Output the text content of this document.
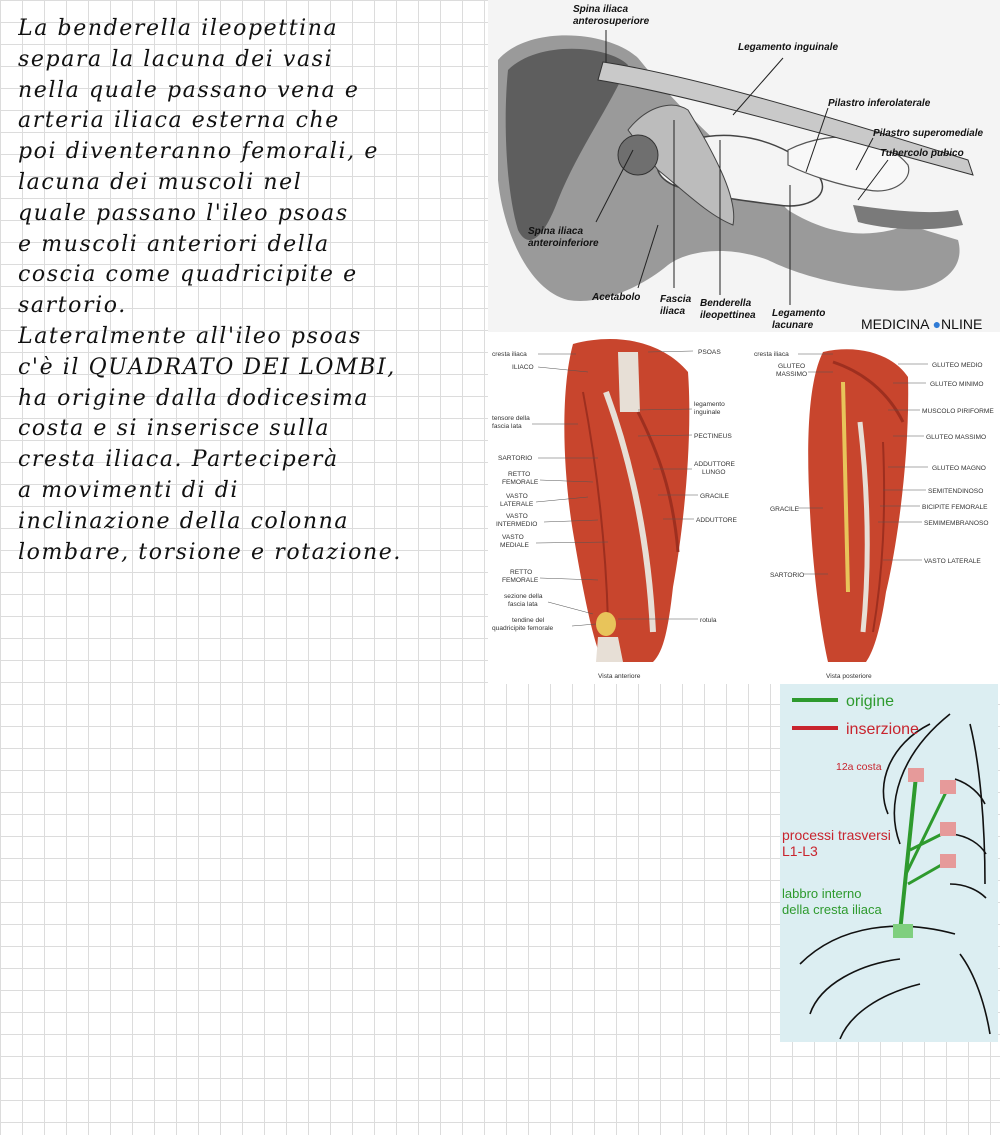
La benderella ileopettina
separa la lacuna dei vasi
nella quale passano vena e
arteria iliaca esterna che
poi diventeranno femorali, e
lacuna dei muscoli nel
quale passano l'ileo psoas
e muscoli anteriori della
coscia come quadricipite e
sartorio.
Lateralmente all'ileo psoas
c'è il QUADRATO DEI LOMBI,
ha origine dalla dodicesima
costa e si inserisce sulla
cresta iliaca. Parteciperà
a movimenti di di
inclinazione della colonna
lombare, torsione e rotazione.
Spina iliaca
anterosuperiore
Legamento inguinale
Pilastro inferolaterale
Pilastro superomediale
Tubercolo pubico
Spina iliaca
anteroinferiore
Acetabolo Fascia
iliaca
Benderella
ileopettinea Legamento
lacunare	MEDICINA ●NLINE
cresta iliaca
ILIACO
tensore della
fascia lata
SARTORIO
RETTO
FEMORALE
VASTO
LATERALE
VASTO
INTERMEDIO
VASTO
MEDIALE
RETTO
FEMORALE
sezione della
fascia lata
tendine del
quadricipite femorale
PSOAS
legamento
inguinale
PECTINEUS
ADDUTTORE
LUNGO
GRACILE
ADDUTTORE
rotula
cresta iliaca
GLUTEO
MASSIMO
GRACILE
SARTORIO
GLUTEO MEDIO
GLUTEO MINIMO
MUSCOLO PIRIFORME
GLUTEO MASSIMO
GLUTEO MAGNO
SEMITENDINOSO
BICIPITE FEMORALE
SEMIMEMBRANOSO
VASTO LATERALE
Vista anteriore	Vista posteriore
origine
inserzione
12a costa
processi trasversi
L1-L3
labbro interno
della cresta iliaca
